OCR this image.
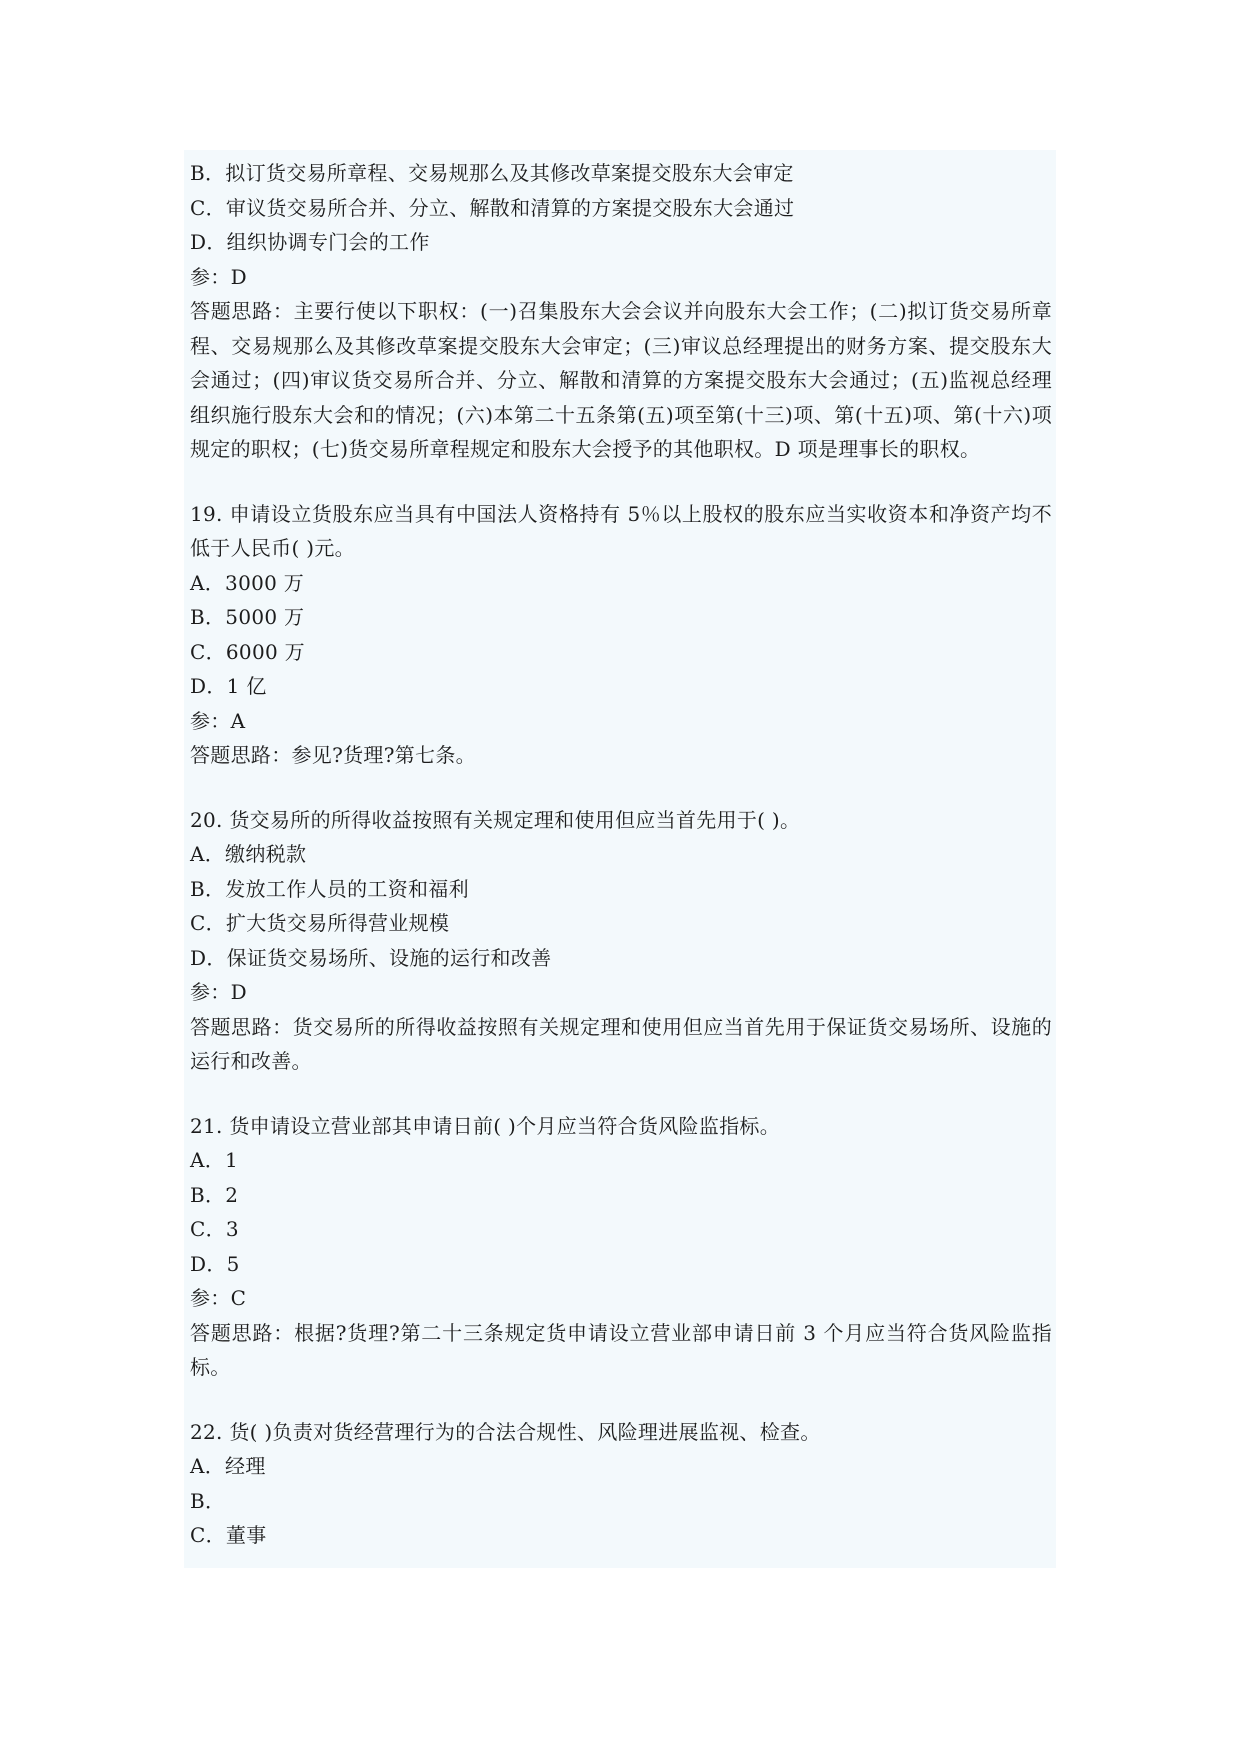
B．拟订货交易所章程、交易规那么及其修改草案提交股东大会审定
C．审议货交易所合并、分立、解散和清算的方案提交股东大会通过
D．组织协调专门会的工作
参：D
答题思路：主要行使以下职权：(一)召集股东大会会议并向股东大会工作；(二)拟订货交易所章程、交易规那么及其修改草案提交股东大会审定；(三)审议总经理提出的财务方案、提交股东大会通过；(四)审议货交易所合并、分立、解散和清算的方案提交股东大会通过；(五)监视总经理组织施行股东大会和的情况；(六)本第二十五条第(五)项至第(十三)项、第(十五)项、第(十六)项规定的职权；(七)货交易所章程规定和股东大会授予的其他职权。D 项是理事长的职权。
19. 申请设立货股东应当具有中国法人资格持有 5％以上股权的股东应当实收资本和净资产均不低于人民币( )元。
A．3000 万
B．5000 万
C．6000 万
D．1 亿
参：A
答题思路：参见?货理?第七条。
20. 货交易所的所得收益按照有关规定理和使用但应当首先用于( )。
A．缴纳税款
B．发放工作人员的工资和福利
C．扩大货交易所得营业规模
D．保证货交易场所、设施的运行和改善
参：D
答题思路：货交易所的所得收益按照有关规定理和使用但应当首先用于保证货交易场所、设施的运行和改善。
21. 货申请设立营业部其申请日前( )个月应当符合货风险监指标。
A．1
B．2
C．3
D．5
参：C
答题思路：根据?货理?第二十三条规定货申请设立营业部申请日前 3 个月应当符合货风险监指标。
22. 货( )负责对货经营理行为的合法合规性、风险理进展监视、检查。
A．经理
B．
C．董事
